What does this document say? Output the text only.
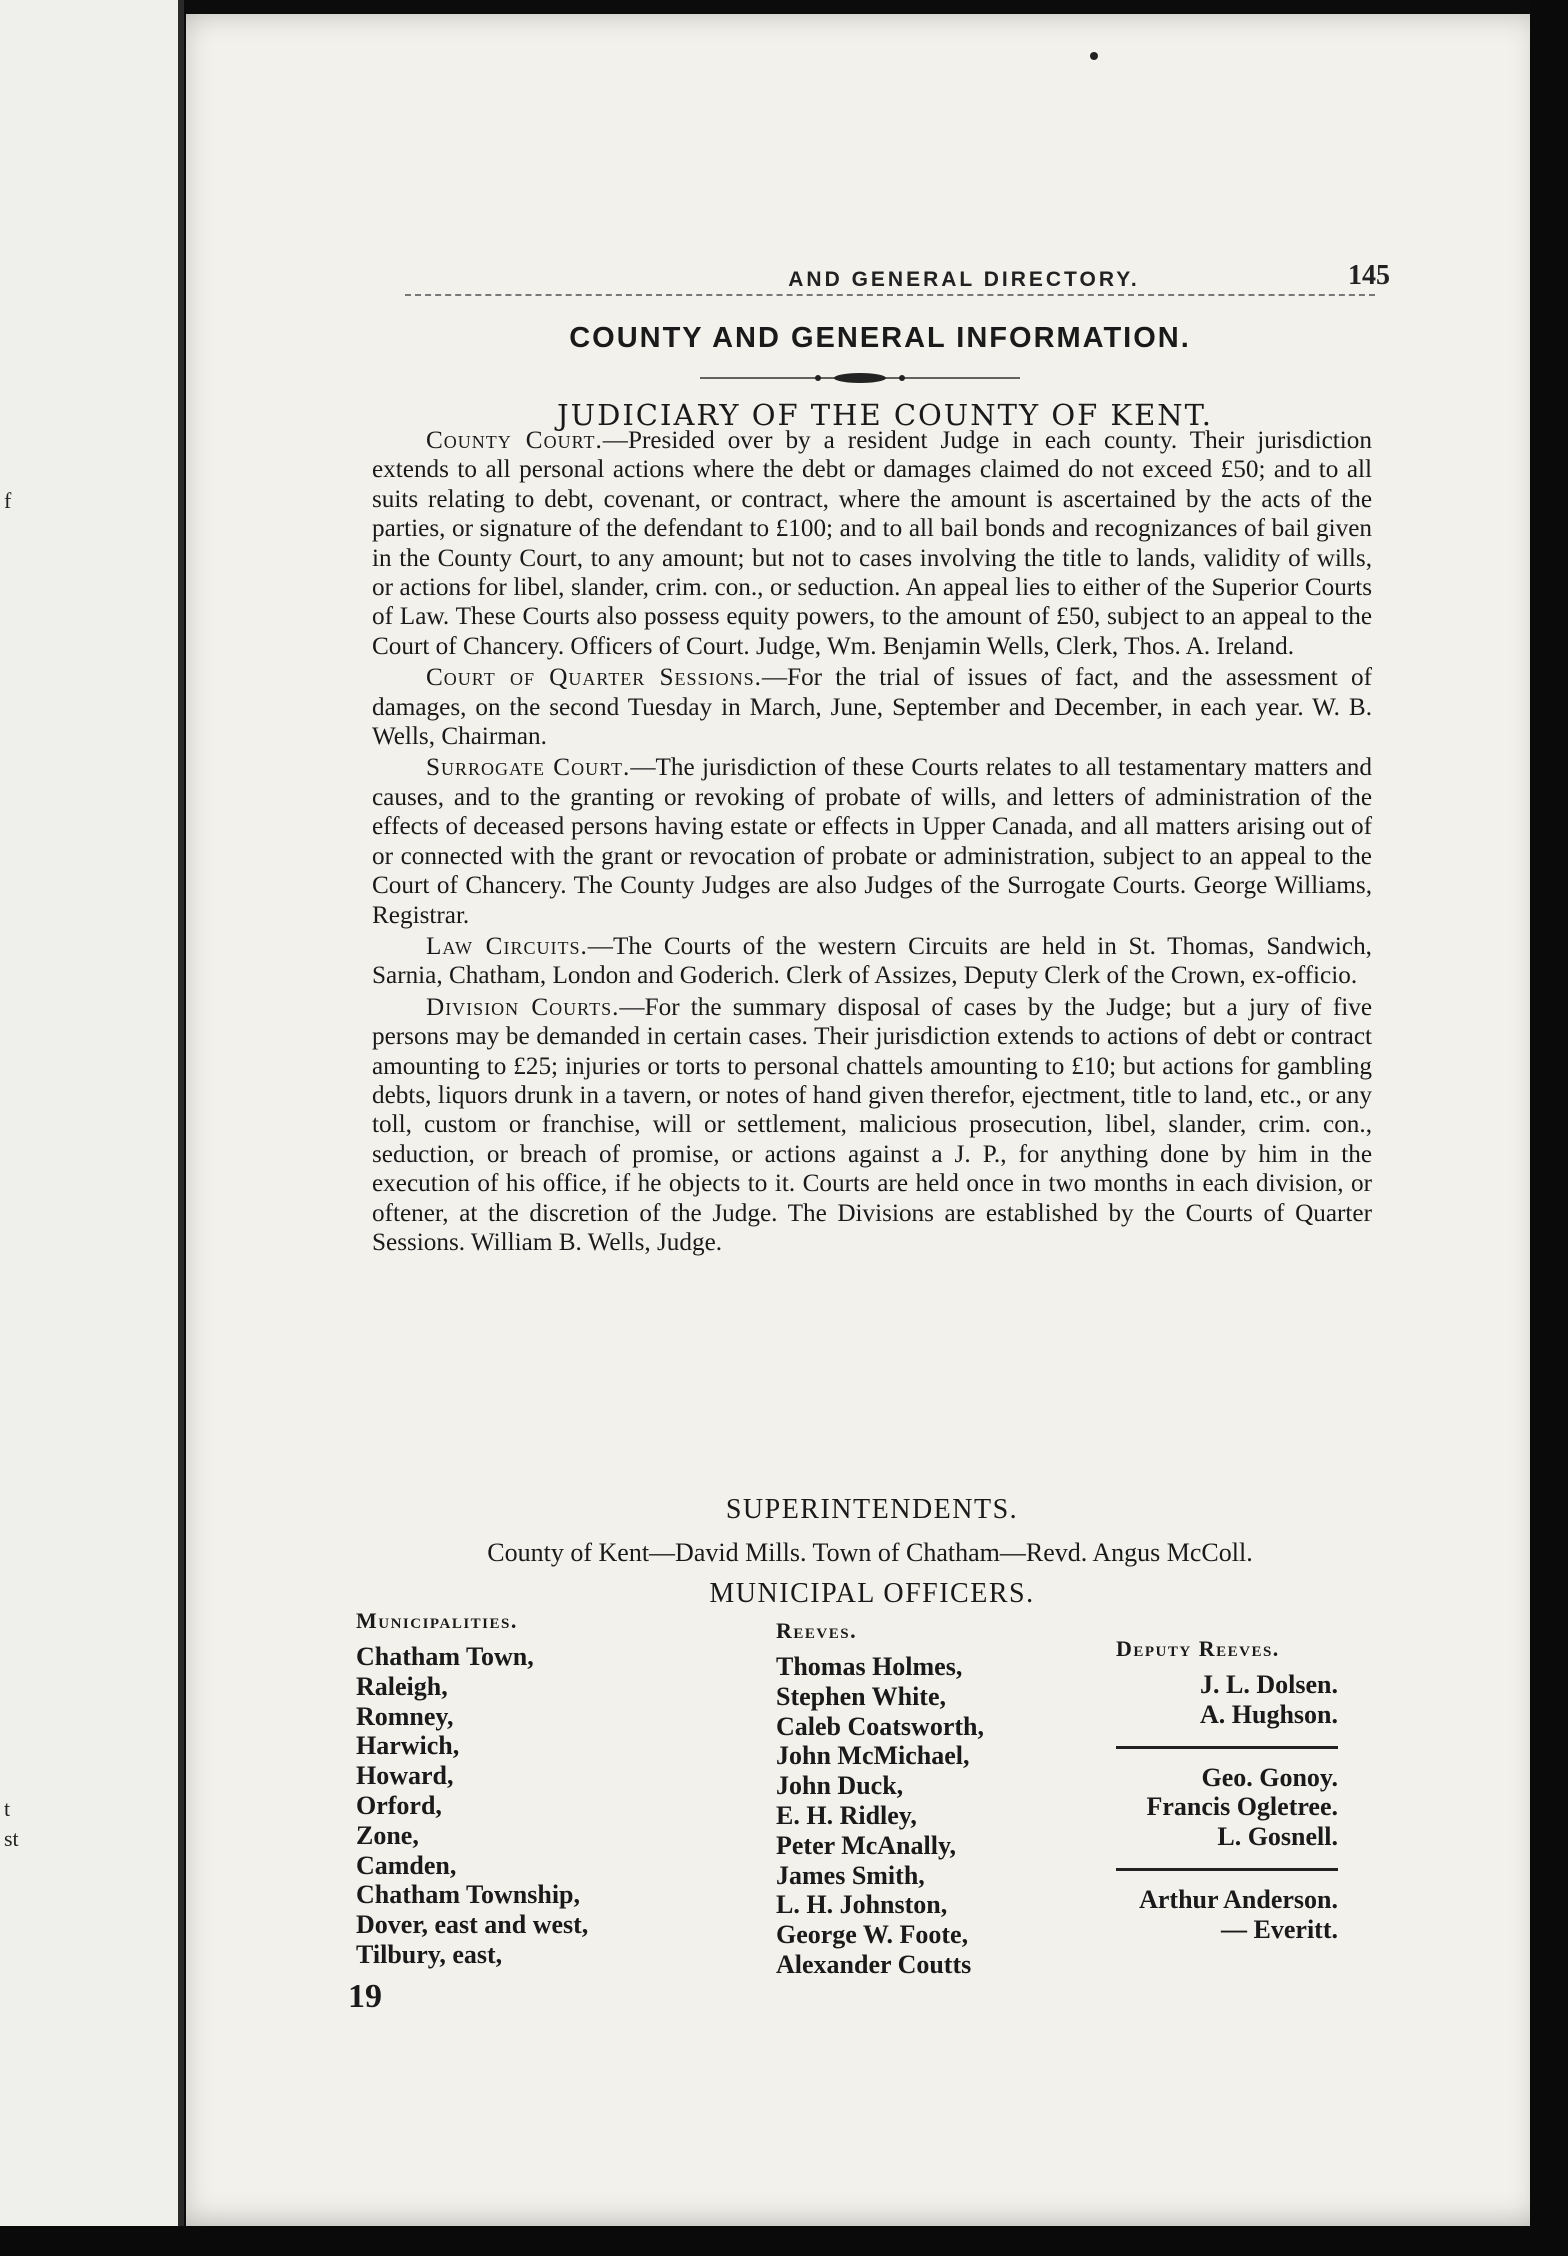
f
t
st
AND GENERAL DIRECTORY.	145
COUNTY AND GENERAL INFORMATION.
JUDICIARY OF THE COUNTY OF KENT.

County Court.—Presided over by a resident Judge in each county. Their jurisdiction extends to all personal actions where the debt or damages claimed do not exceed £50; and to all suits relating to debt, covenant, or contract, where the amount is ascertained by the acts of the parties, or signature of the defendant to £100; and to all bail bonds and recognizances of bail given in the County Court, to any amount; but not to cases involving the title to lands, validity of wills, or actions for libel, slander, crim. con., or seduction. An appeal lies to either of the Superior Courts of Law. These Courts also possess equity powers, to the amount of £50, subject to an appeal to the Court of Chancery. Officers of Court. Judge, Wm. Benjamin Wells, Clerk, Thos. A. Ireland.

Court of Quarter Sessions.—For the trial of issues of fact, and the assessment of damages, on the second Tuesday in March, June, September and December, in each year. W. B. Wells, Chairman.

Surrogate Court.—The jurisdiction of these Courts relates to all testamentary matters and causes, and to the granting or revoking of probate of wills, and letters of administration of the effects of deceased persons having estate or effects in Upper Canada, and all matters arising out of or connected with the grant or revocation of probate or administration, subject to an appeal to the Court of Chancery. The County Judges are also Judges of the Surrogate Courts. George Williams, Registrar.

Law Circuits.—The Courts of the western Circuits are held in St. Thomas, Sandwich, Sarnia, Chatham, London and Goderich. Clerk of Assizes, Deputy Clerk of the Crown, ex-officio.

Division Courts.—For the summary disposal of cases by the Judge; but a jury of five persons may be demanded in certain cases. Their jurisdiction extends to actions of debt or contract amounting to £25; injuries or torts to personal chattels amounting to £10; but actions for gambling debts, liquors drunk in a tavern, or notes of hand given therefor, ejectment, title to land, etc., or any toll, custom or franchise, will or settlement, malicious prosecution, libel, slander, crim. con., seduction, or breach of promise, or actions against a J. P., for anything done by him in the execution of his office, if he objects to it. Courts are held once in two months in each division, or oftener, at the discretion of the Judge. The Divisions are established by the Courts of Quarter Sessions. William B. Wells, Judge.

SUPERINTENDENTS.
County of Kent—David Mills. Town of Chatham—Revd. Angus McColl.
MUNICIPAL OFFICERS.
Municipalities.
Chatham Town,
Raleigh,
Romney,
Harwich,
Howard,
Orford,
Zone,
Camden,
Chatham Township,
Dover, east and west,
Tilbury, east,
Reeves.
Thomas Holmes,
Stephen White,
Caleb Coatsworth,
John McMichael,
John Duck,
E. H. Ridley,
Peter McAnally,
James Smith,
L. H. Johnston,
George W. Foote,
Alexander Coutts
Deputy Reeves.
J. L. Dolsen.
A. Hughson.
Geo. Gonoy.
Francis Ogletree.
L. Gosnell.
Arthur Anderson.
— Everitt.
19
